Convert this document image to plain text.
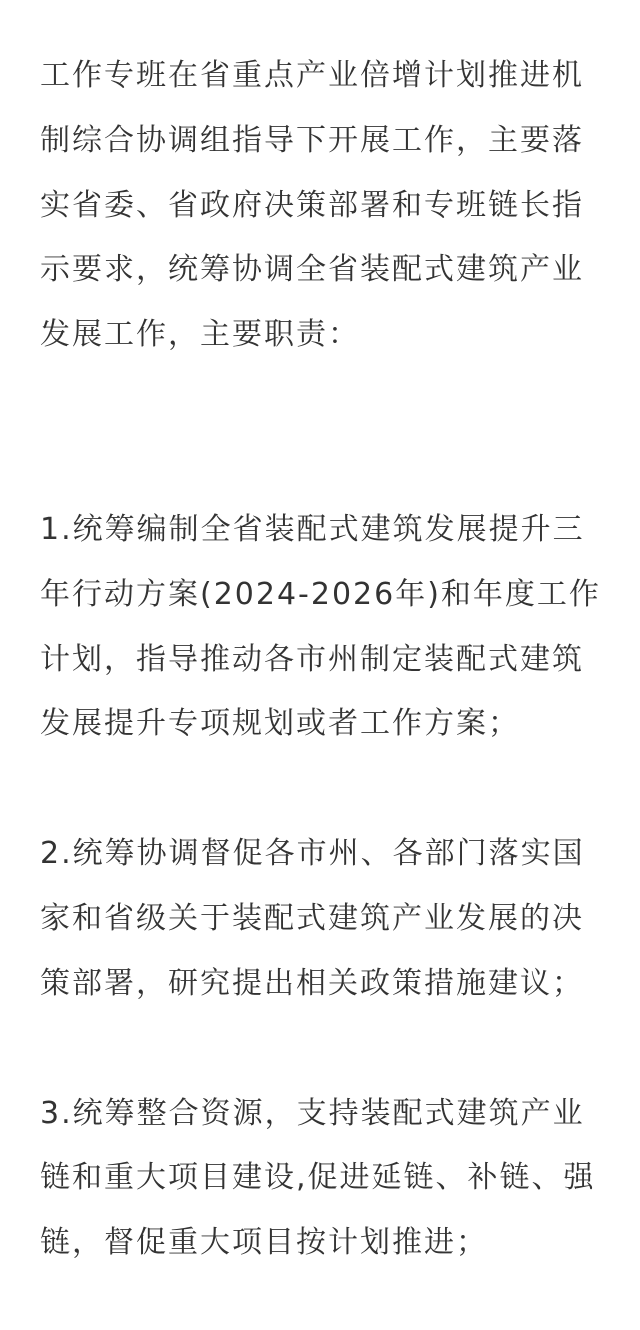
工作专班在省重点产业倍增计划推进机制综合协调组指导下开展工作，主要落实省委、省政府决策部署和专班链长指示要求，统筹协调全省装配式建筑产业发展工作，主要职责：

1.统筹编制全省装配式建筑发展提升三年行动方案(2024-2026年)和年度工作计划，指导推动各市州制定装配式建筑发展提升专项规划或者工作方案；

2.统筹协调督促各市州、各部门落实国家和省级关于装配式建筑产业发展的决策部署，研究提出相关政策措施建议；

3.统筹整合资源，支持装配式建筑产业链和重大项目建设,促进延链、补链、强链，督促重大项目按计划推进；
